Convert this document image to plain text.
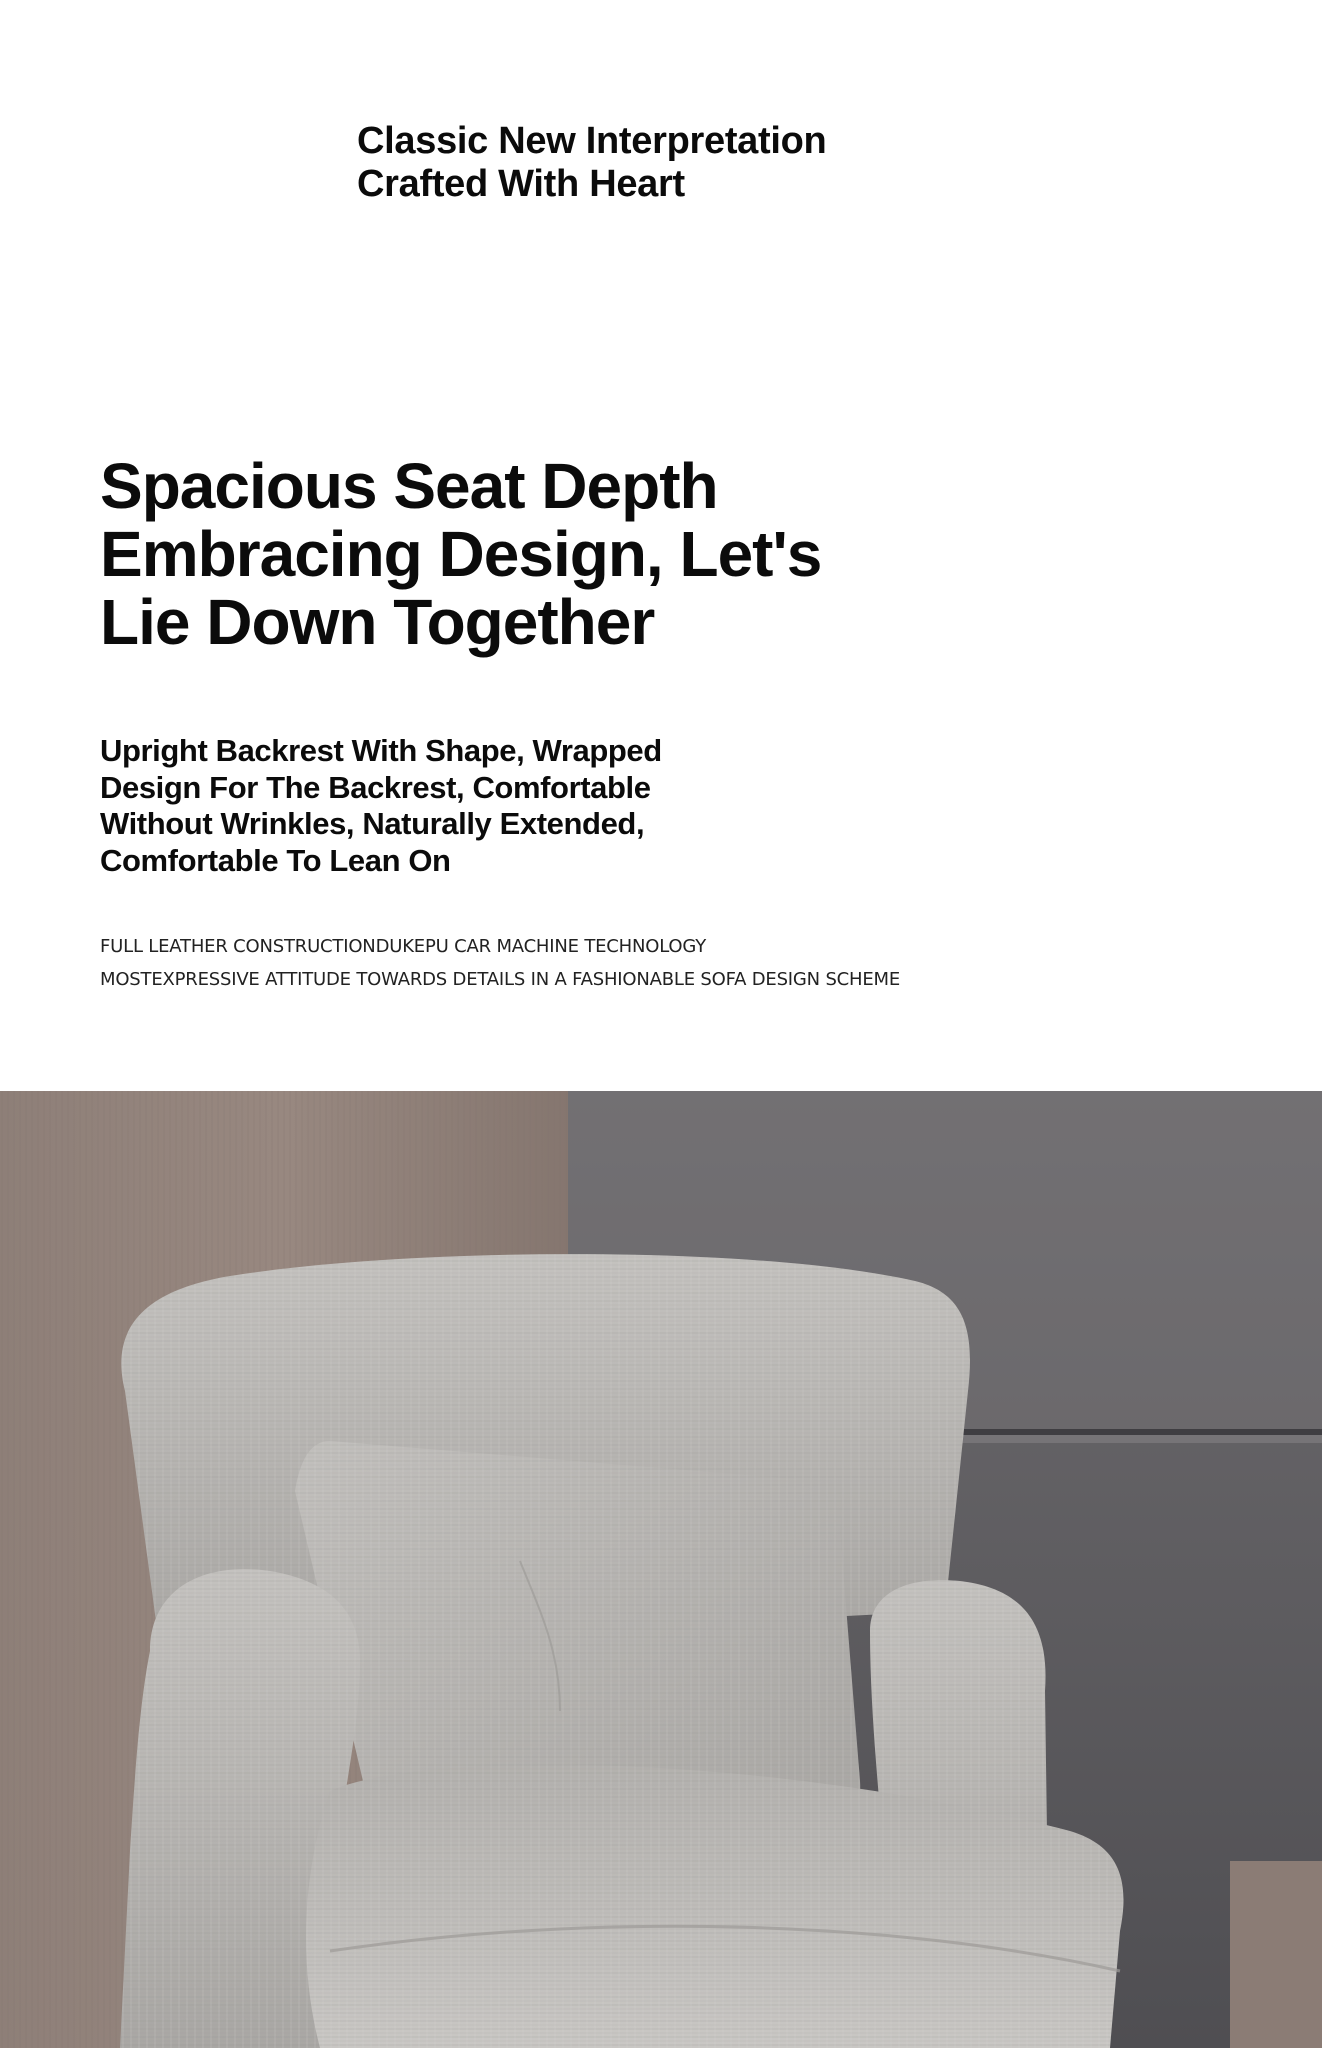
Classic New Interpretation
Crafted With Heart
Spacious Seat Depth
Embracing Design, Let's
Lie Down Together
Upright Backrest With Shape, Wrapped
Design For The Backrest, Comfortable
Without Wrinkles, Naturally Extended,
Comfortable To Lean On
FULL LEATHER CONSTRUCTIONDUKEPU CAR MACHINE TECHNOLOGY
MOSTEXPRESSIVE ATTITUDE TOWARDS DETAILS IN A FASHIONABLE SOFA DESIGN SCHEME
